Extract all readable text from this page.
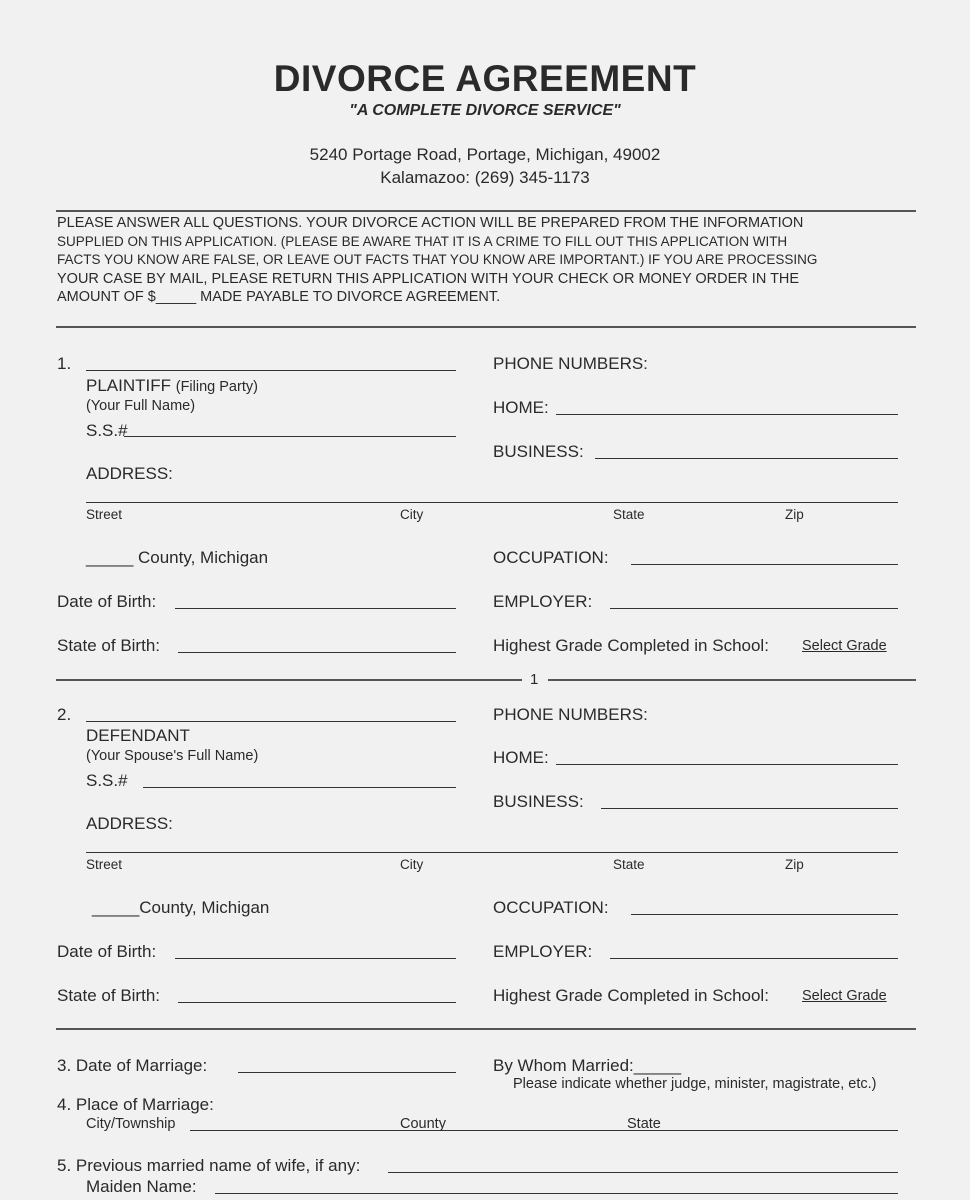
DIVORCE AGREEMENT
"A COMPLETE DIVORCE SERVICE"
5240 Portage Road, Portage, Michigan, 49002
Kalamazoo: (269) 345-1173
PLEASE ANSWER ALL QUESTIONS. YOUR DIVORCE ACTION WILL BE PREPARED FROM THE INFORMATION
SUPPLIED ON THIS APPLICATION. (PLEASE BE AWARE THAT IT IS A CRIME TO FILL OUT THIS APPLICATION WITH
FACTS YOU KNOW ARE FALSE, OR LEAVE OUT FACTS THAT YOU KNOW ARE IMPORTANT.) IF YOU ARE PROCESSING
YOUR CASE BY MAIL, PLEASE RETURN THIS APPLICATION WITH YOUR CHECK OR MONEY ORDER IN THE
AMOUNT OF $_____ MADE PAYABLE TO DIVORCE AGREEMENT.
1.
PLAINTIFF (Filing Party)
(Your Full Name)
S.S.#
ADDRESS:
Street	City	State	Zip
_____ County, Michigan
Date of Birth:
State of Birth:
PHONE NUMBERS:
HOME:
BUSINESS:
OCCUPATION:
EMPLOYER:
Highest Grade Completed in School: Select Grade
1
2.
DEFENDANT
(Your Spouse's Full Name)
S.S.#
ADDRESS:
Street	City	State	Zip
_____County, Michigan
Date of Birth:
State of Birth:
PHONE NUMBERS:
HOME:
BUSINESS:
OCCUPATION:
EMPLOYER:
Highest Grade Completed in School: Select Grade
3. Date of Marriage:	By Whom Married:_____
Please indicate whether judge, minister, magistrate, etc.)
4. Place of Marriage:
City/Township	County	State
5. Previous married name of wife, if any:
Maiden Name:
